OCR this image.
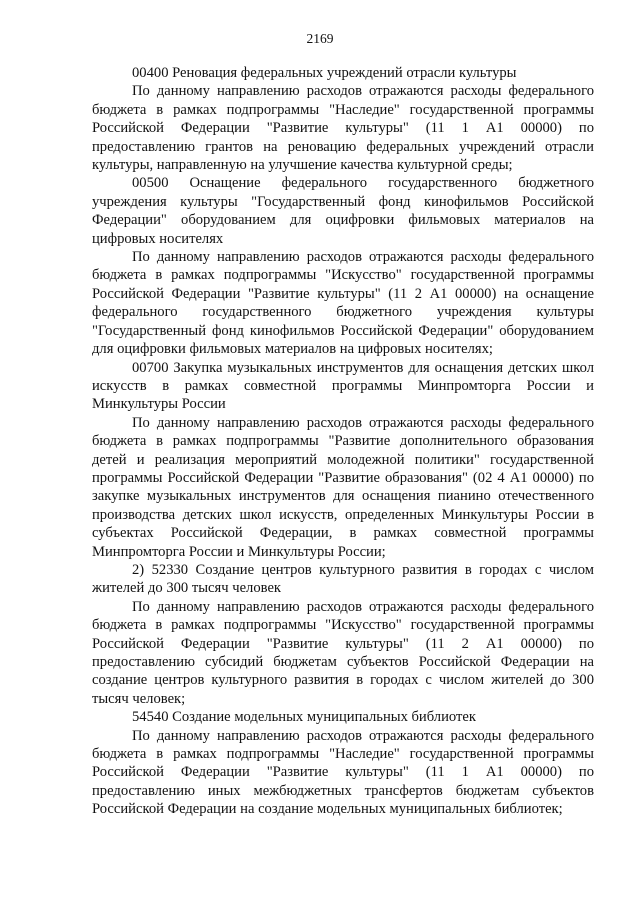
2169

00400 Реновация федеральных учреждений отрасли культуры

По данному направлению расходов отражаются расходы федерального бюджета в рамках подпрограммы "Наследие" государственной программы Российской Федерации "Развитие культуры" (11 1 A1 00000) по предоставлению грантов на реновацию федеральных учреждений отрасли культуры, направленную на улучшение качества культурной среды;

00500 Оснащение федерального государственного бюджетного учреждения культуры "Государственный фонд кинофильмов Российской Федерации" оборудованием для оцифровки фильмовых материалов на цифровых носителях

По данному направлению расходов отражаются расходы федерального бюджета в рамках подпрограммы "Искусство" государственной программы Российской Федерации "Развитие культуры" (11 2 A1 00000) на оснащение федерального государственного бюджетного учреждения культуры "Государственный фонд кинофильмов Российской Федерации" оборудованием для оцифровки фильмовых материалов на цифровых носителях;

00700 Закупка музыкальных инструментов для оснащения детских школ искусств в рамках совместной программы Минпромторга России и Минкультуры России

По данному направлению расходов отражаются расходы федерального бюджета в рамках подпрограммы "Развитие дополнительного образования детей и реализация мероприятий молодежной политики" государственной программы Российской Федерации "Развитие образования" (02 4 A1 00000) по закупке музыкальных инструментов для оснащения пианино отечественного производства детских школ искусств, определенных Минкультуры России в субъектах Российской Федерации, в рамках совместной программы Минпромторга России и Минкультуры России;

2) 52330 Создание центров культурного развития в городах с числом жителей до 300 тысяч человек

По данному направлению расходов отражаются расходы федерального бюджета в рамках подпрограммы "Искусство" государственной программы Российской Федерации "Развитие культуры" (11 2 A1 00000) по предоставлению субсидий бюджетам субъектов Российской Федерации на создание центров культурного развития в городах с числом жителей до 300 тысяч человек;

54540 Создание модельных муниципальных библиотек

По данному направлению расходов отражаются расходы федерального бюджета в рамках подпрограммы "Наследие" государственной программы Российской Федерации "Развитие культуры" (11 1 A1 00000) по предоставлению иных межбюджетных трансфертов бюджетам субъектов Российской Федерации на создание модельных муниципальных библиотек;
